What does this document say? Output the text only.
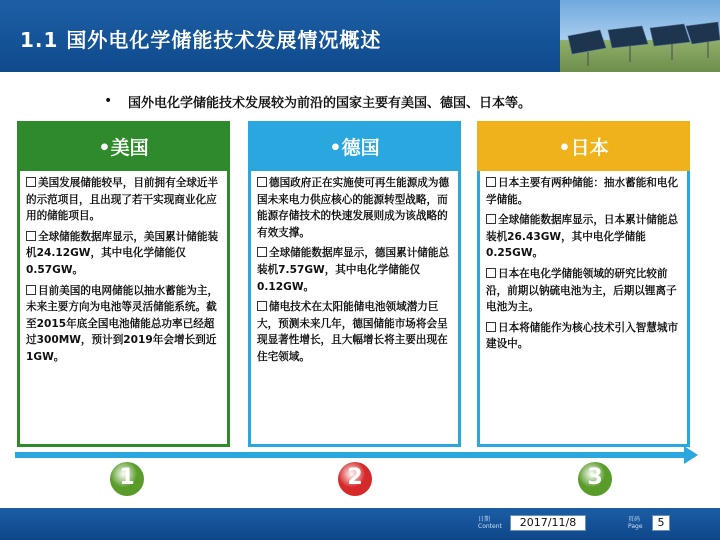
1.1 国外电化学储能技术发展情况概述
• 国外电化学储能技术发展较为前沿的国家主要有美国、德国、日本等。
•美国
美国发展储能较早，目前拥有全球近半的示范项目，且出现了若干实现商业化应用的储能项目。
全球储能数据库显示，美国累计储能装机24.12GW，其中电化学储能仅0.57GW。
目前美国的电网储能以抽水蓄能为主，未来主要方向为电池等灵活储能系统。截至2015年底全国电池储能总功率已经超过300MW，预计到2019年会增长到近1GW。
•德国
德国政府正在实施使可再生能源成为德国未来电力供应核心的能源转型战略，而能源存储技术的快速发展则成为该战略的有效支撑。
全球储能数据库显示，德国累计储能总装机7.57GW，其中电化学储能仅0.12GW。
储电技术在太阳能储电池领域潜力巨大，预测未来几年，德国储能市场将会呈现显著性增长，且大幅增长将主要出现在住宅领域。
•日本
日本主要有两种储能：抽水蓄能和电化学储能。
全球储能数据库显示，日本累计储能总装机26.43GW，其中电化学储能0.25GW。
日本在电化学储能领域的研究比较前沿，前期以钠硫电池为主，后期以锂离子电池为主。
日本将储能作为核心技术引入智慧城市建设中。
1	2	3
日期
Content	2017/11/8	页码
Page	5
